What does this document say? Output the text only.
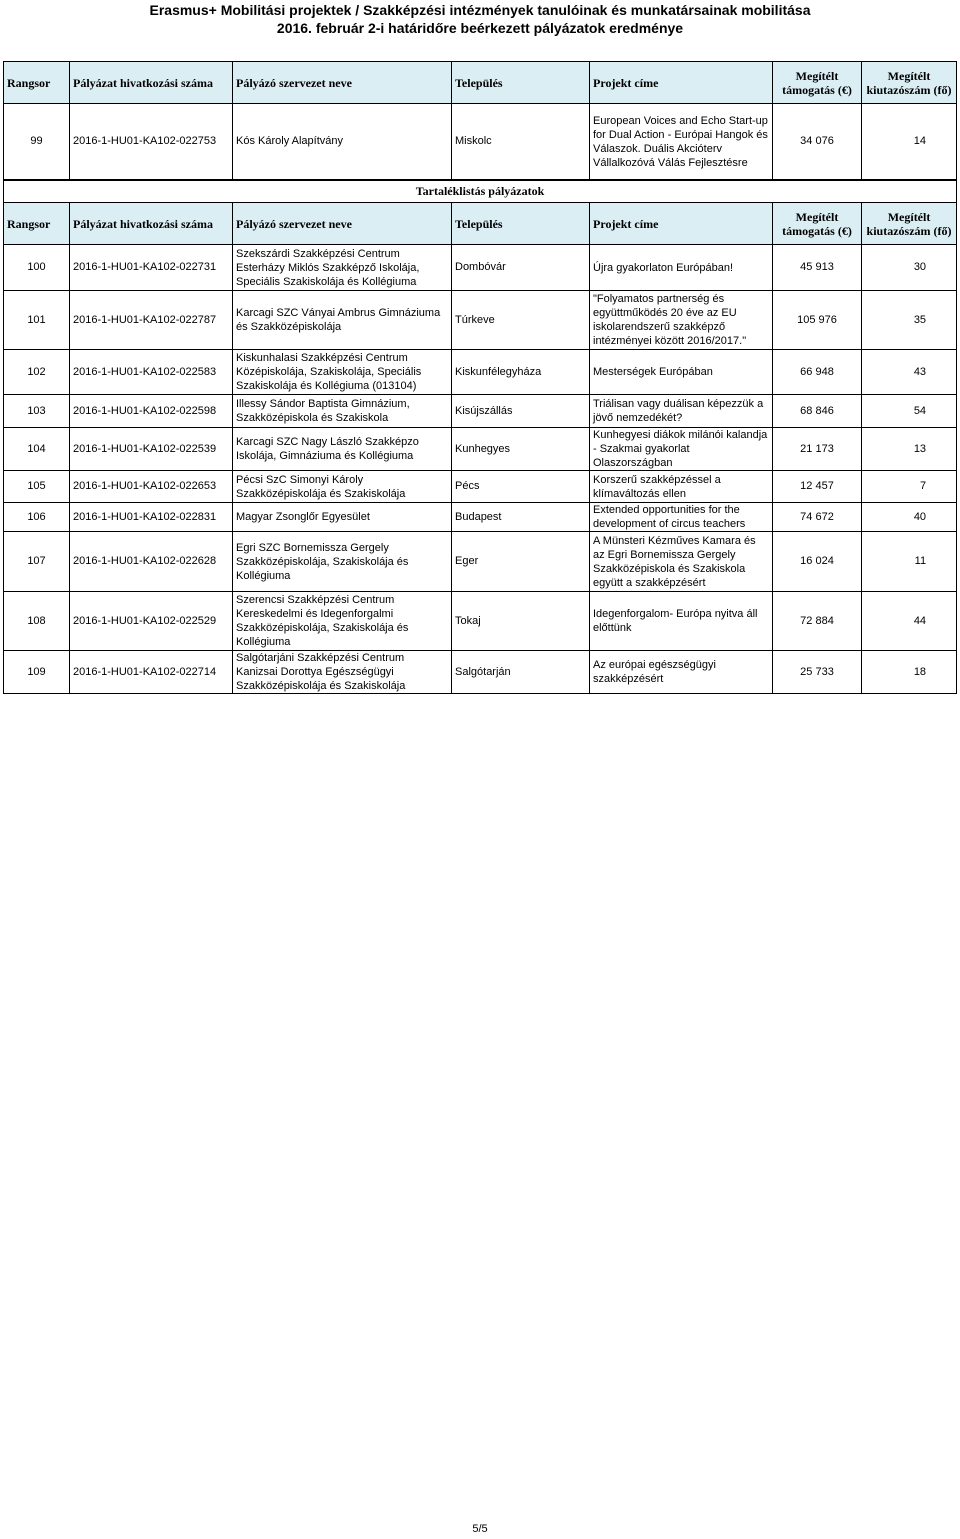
Erasmus+ Mobilitási projektek / Szakképzési intézmények tanulóinak és munkatársainak mobilitása
2016. február 2-i határidőre beérkezett pályázatok eredménye
Rangsor	Pályázat hivatkozási száma	Pályázó szervezet neve	Település	Projekt címe	Megítélt támogatás (€)	Megítélt kiutazószám (fő)
99	2016-1-HU01-KA102-022753	Kós Károly Alapítvány	Miskolc	European Voices and Echo Start-up for Dual Action - Európai Hangok és Válaszok. Duális Akcióterv Vállalkozóvá Válás Fejlesztésre	34 076	14
Tartaléklistás pályázatok						
Rangsor	Pályázat hivatkozási száma	Pályázó szervezet neve	Település	Projekt címe	Megítélt támogatás (€)	Megítélt kiutazószám (fő)
100	2016-1-HU01-KA102-022731	Szekszárdi Szakképzési Centrum Esterházy Miklós Szakképző Iskolája, Speciális Szakiskolája és Kollégiuma	Dombóvár	Újra gyakorlaton Európában!	45 913	30
101	2016-1-HU01-KA102-022787	Karcagi SZC Ványai Ambrus Gimnáziuma és Szakközépiskolája	Túrkeve	"Folyamatos partnerség és együttműködés 20 éve az EU iskolarendszerű szakképző intézményei között 2016/2017."	105 976	35
102	2016-1-HU01-KA102-022583	Kiskunhalasi Szakképzési Centrum Középiskolája, Szakiskolája, Speciális Szakiskolája és Kollégiuma (013104)	Kiskunfélegyháza	Mesterségek Európában	66 948	43
103	2016-1-HU01-KA102-022598	Illessy Sándor Baptista Gimnázium, Szakközépiskola és Szakiskola	Kisújszállás	Triálisan vagy duálisan képezzük a jövő nemzedékét?	68 846	54
104	2016-1-HU01-KA102-022539	Karcagi SZC Nagy László Szakképzo Iskolája, Gimnáziuma és Kollégiuma	Kunhegyes	Kunhegyesi diákok milánói kalandja - Szakmai gyakorlat Olaszországban	21 173	13
105	2016-1-HU01-KA102-022653	Pécsi SzC Simonyi Károly Szakközépiskolája és Szakiskolája	Pécs	Korszerű szakképzéssel a klímaváltozás ellen	12 457	7
106	2016-1-HU01-KA102-022831	Magyar Zsonglőr Egyesület	Budapest	Extended opportunities for the development of circus teachers	74 672	40
107	2016-1-HU01-KA102-022628	Egri SZC Bornemissza Gergely Szakközépiskolája, Szakiskolája és Kollégiuma	Eger	A Münsteri Kézműves Kamara és az Egri Bornemissza Gergely Szakközépiskola és Szakiskola együtt a szakképzésért	16 024	11
108	2016-1-HU01-KA102-022529	Szerencsi Szakképzési Centrum Kereskedelmi és Idegenforgalmi Szakközépiskolája, Szakiskolája és Kollégiuma	Tokaj	Idegenforgalom- Európa nyitva áll előttünk	72 884	44
109	2016-1-HU01-KA102-022714	Salgótarjáni Szakképzési Centrum Kanizsai Dorottya Egészségügyi Szakközépiskolája és Szakiskolája	Salgótarján	Az európai egészségügyi szakképzésért	25 733	18
5/5
